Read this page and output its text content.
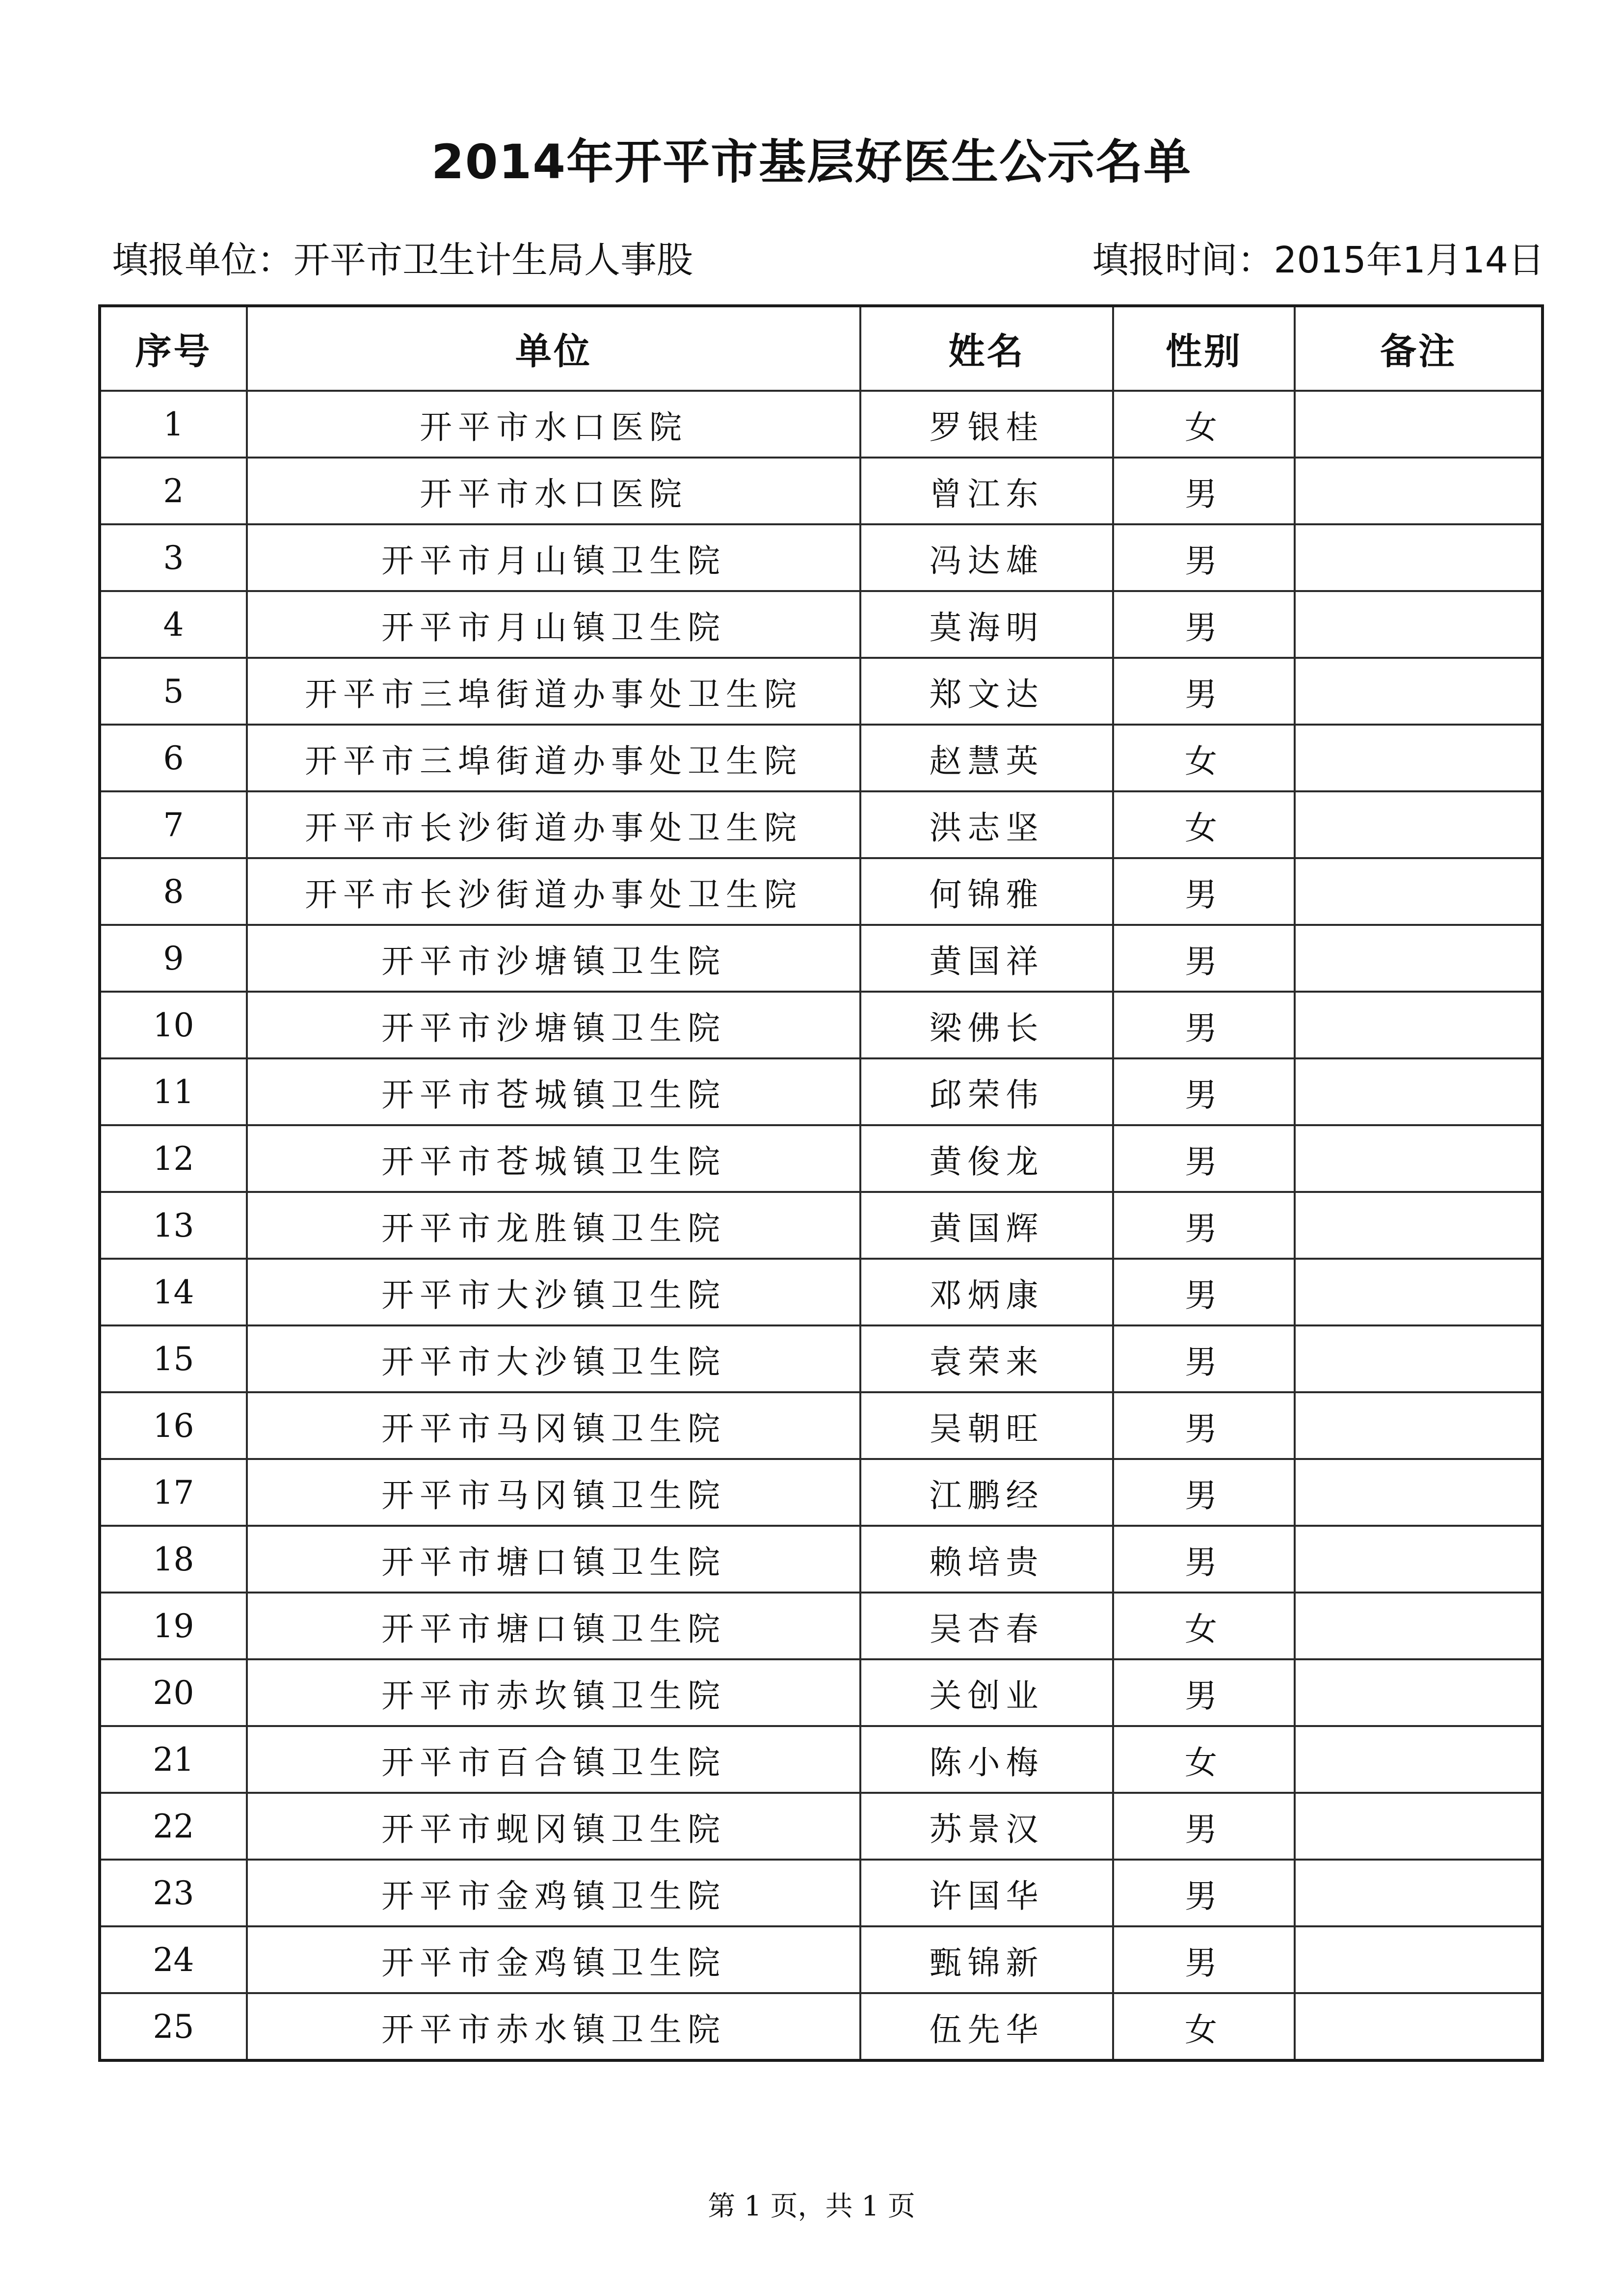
2014年开平市基层好医生公示名单
填报单位：开平市卫生计生局人事股	填报时间：2015年1月14日
序号	单位	姓名	性别	备注
1	开平市水口医院	罗银桂	女	
2	开平市水口医院	曾江东	男	
3	开平市月山镇卫生院	冯达雄	男	
4	开平市月山镇卫生院	莫海明	男	
5	开平市三埠街道办事处卫生院	郑文达	男	
6	开平市三埠街道办事处卫生院	赵慧英	女	
7	开平市长沙街道办事处卫生院	洪志坚	女	
8	开平市长沙街道办事处卫生院	何锦雅	男	
9	开平市沙塘镇卫生院	黄国祥	男	
10	开平市沙塘镇卫生院	梁佛长	男	
11	开平市苍城镇卫生院	邱荣伟	男	
12	开平市苍城镇卫生院	黄俊龙	男	
13	开平市龙胜镇卫生院	黄国辉	男	
14	开平市大沙镇卫生院	邓炳康	男	
15	开平市大沙镇卫生院	袁荣来	男	
16	开平市马冈镇卫生院	吴朝旺	男	
17	开平市马冈镇卫生院	江鹏经	男	
18	开平市塘口镇卫生院	赖培贵	男	
19	开平市塘口镇卫生院	吴杏春	女	
20	开平市赤坎镇卫生院	关创业	男	
21	开平市百合镇卫生院	陈小梅	女	
22	开平市蚬冈镇卫生院	苏景汉	男	
23	开平市金鸡镇卫生院	许国华	男	
24	开平市金鸡镇卫生院	甄锦新	男	
25	开平市赤水镇卫生院	伍先华	女	
第 1 页，共 1 页
